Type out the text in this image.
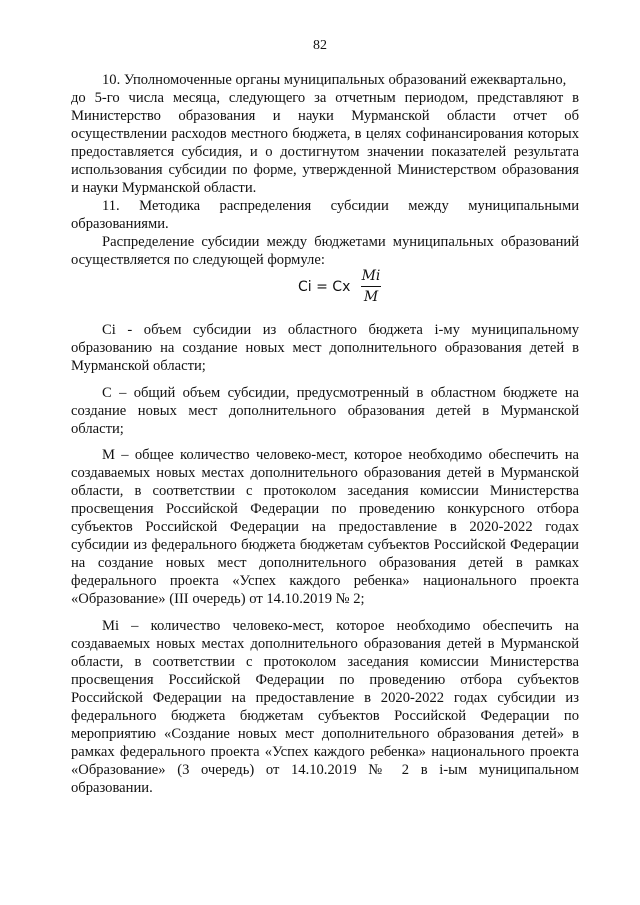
82
10. Уполномоченные органы муниципальных образований ежеквартально,
до 5-го числа месяца, следующего за отчетным периодом, представляют в
Министерство образования и науки Мурманской области отчет об
осуществлении расходов местного бюджета, в целях софинансирования которых
предоставляется субсидия, и о достигнутом значении показателей результата
использования субсидии по форме, утвержденной Министерством образования
и науки Мурманской области.
11. Методика распределения субсидии между муниципальными
образованиями.
Распределение субсидии между бюджетами муниципальных образований
осуществляется по следующей формуле:
Ci = Cx
Mi
M
Ci - объем субсидии из областного бюджета i-му муниципальному
образованию на создание новых мест дополнительного образования детей в
Мурманской области;
С – общий объем субсидии, предусмотренный в областном бюджете на
создание новых мест дополнительного образования детей в Мурманской
области;
М – общее количество человеко-мест, которое необходимо обеспечить на
создаваемых новых местах дополнительного образования детей в Мурманской
области, в соответствии с протоколом заседания комиссии Министерства
просвещения Российской Федерации по проведению конкурсного отбора
субъектов Российской Федерации на предоставление в 2020-2022 годах
субсидии из федерального бюджета бюджетам субъектов Российской Федерации
на создание новых мест дополнительного образования детей в рамках
федерального проекта «Успех каждого ребенка» национального проекта
«Образование» (III очередь) от 14.10.2019 № 2;
Mi – количество человеко-мест, которое необходимо обеспечить на
создаваемых новых местах дополнительного образования детей в Мурманской
области, в соответствии с протоколом заседания комиссии Министерства
просвещения Российской Федерации по проведению отбора субъектов
Российской Федерации на предоставление в 2020-2022 годах субсидии из
федерального бюджета бюджетам субъектов Российской Федерации по
мероприятию «Создание новых мест дополнительного образования детей» в
рамках федерального проекта «Успех каждого ребенка» национального проекта
«Образование» (3 очередь) от 14.10.2019 № 2 в i-ым муниципальном
образовании.
